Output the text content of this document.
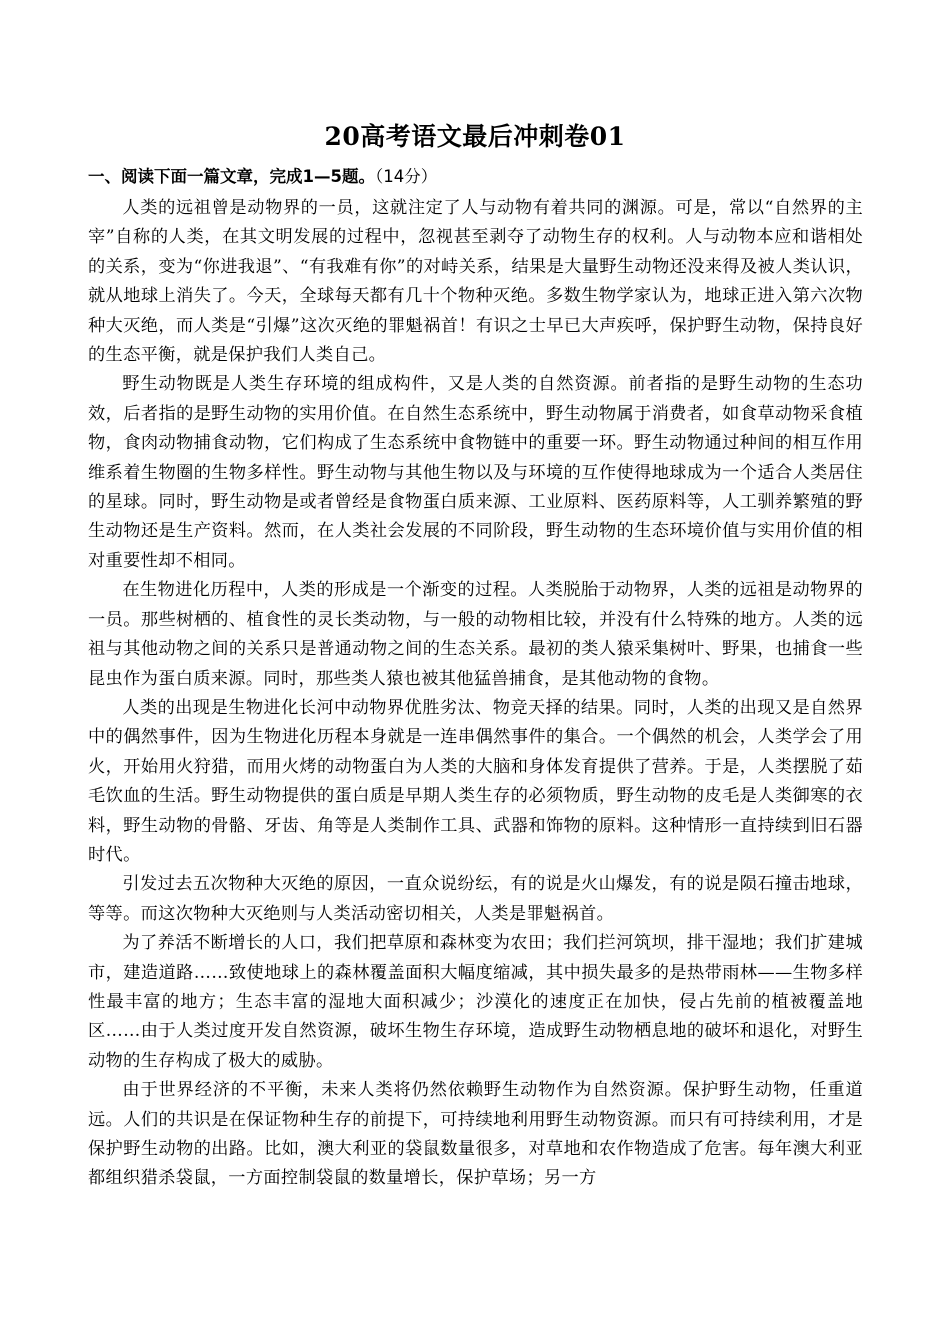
20高考语文最后冲刺卷01
一、阅读下面一篇文章，完成1—5题。（14分）

人类的远祖曾是动物界的一员，这就注定了人与动物有着共同的渊源。可是，常以“自然界的主宰”自称的人类，在其文明发展的过程中，忽视甚至剥夺了动物生存的权利。人与动物本应和谐相处的关系，变为“你进我退”、“有我难有你”的对峙关系，结果是大量野生动物还没来得及被人类认识，就从地球上消失了。今天，全球每天都有几十个物种灭绝。多数生物学家认为，地球正进入第六次物种大灭绝，而人类是“引爆”这次灭绝的罪魁祸首！有识之士早已大声疾呼，保护野生动物，保持良好的生态平衡，就是保护我们人类自己。

野生动物既是人类生存环境的组成构件，又是人类的自然资源。前者指的是野生动物的生态功效，后者指的是野生动物的实用价值。在自然生态系统中，野生动物属于消费者，如食草动物采食植物，食肉动物捕食动物，它们构成了生态系统中食物链中的重要一环。野生动物通过种间的相互作用维系着生物圈的生物多样性。野生动物与其他生物以及与环境的互作使得地球成为一个适合人类居住的星球。同时，野生动物是或者曾经是食物蛋白质来源、工业原料、医药原料等，人工驯养繁殖的野生动物还是生产资料。然而，在人类社会发展的不同阶段，野生动物的生态环境价值与实用价值的相对重要性却不相同。

在生物进化历程中，人类的形成是一个渐变的过程。人类脱胎于动物界，人类的远祖是动物界的一员。那些树栖的、植食性的灵长类动物，与一般的动物相比较，并没有什么特殊的地方。人类的远祖与其他动物之间的关系只是普通动物之间的生态关系。最初的类人猿采集树叶、野果，也捕食一些昆虫作为蛋白质来源。同时，那些类人猿也被其他猛兽捕食，是其他动物的食物。

人类的出现是生物进化长河中动物界优胜劣汰、物竞天择的结果。同时，人类的出现又是自然界中的偶然事件，因为生物进化历程本身就是一连串偶然事件的集合。一个偶然的机会，人类学会了用火，开始用火狩猎，而用火烤的动物蛋白为人类的大脑和身体发育提供了营养。于是，人类摆脱了茹毛饮血的生活。野生动物提供的蛋白质是早期人类生存的必须物质，野生动物的皮毛是人类御寒的衣料，野生动物的骨骼、牙齿、角等是人类制作工具、武器和饰物的原料。这种情形一直持续到旧石器时代。

引发过去五次物种大灭绝的原因，一直众说纷纭，有的说是火山爆发，有的说是陨石撞击地球，等等。而这次物种大灭绝则与人类活动密切相关，人类是罪魁祸首。

为了养活不断增长的人口，我们把草原和森林变为农田；我们拦河筑坝，排干湿地；我们扩建城市，建造道路……致使地球上的森林覆盖面积大幅度缩减，其中损失最多的是热带雨林——生物多样性最丰富的地方；生态丰富的湿地大面积减少；沙漠化的速度正在加快，侵占先前的植被覆盖地区……由于人类过度开发自然资源，破坏生物生存环境，造成野生动物栖息地的破坏和退化，对野生动物的生存构成了极大的威胁。

由于世界经济的不平衡，未来人类将仍然依赖野生动物作为自然资源。保护野生动物，任重道远。人们的共识是在保证物种生存的前提下，可持续地利用野生动物资源。而只有可持续利用，才是保护野生动物的出路。比如，澳大利亚的袋鼠数量很多，对草地和农作物造成了危害。每年澳大利亚都组织猎杀袋鼠，一方面控制袋鼠的数量增长，保护草场；另一方
